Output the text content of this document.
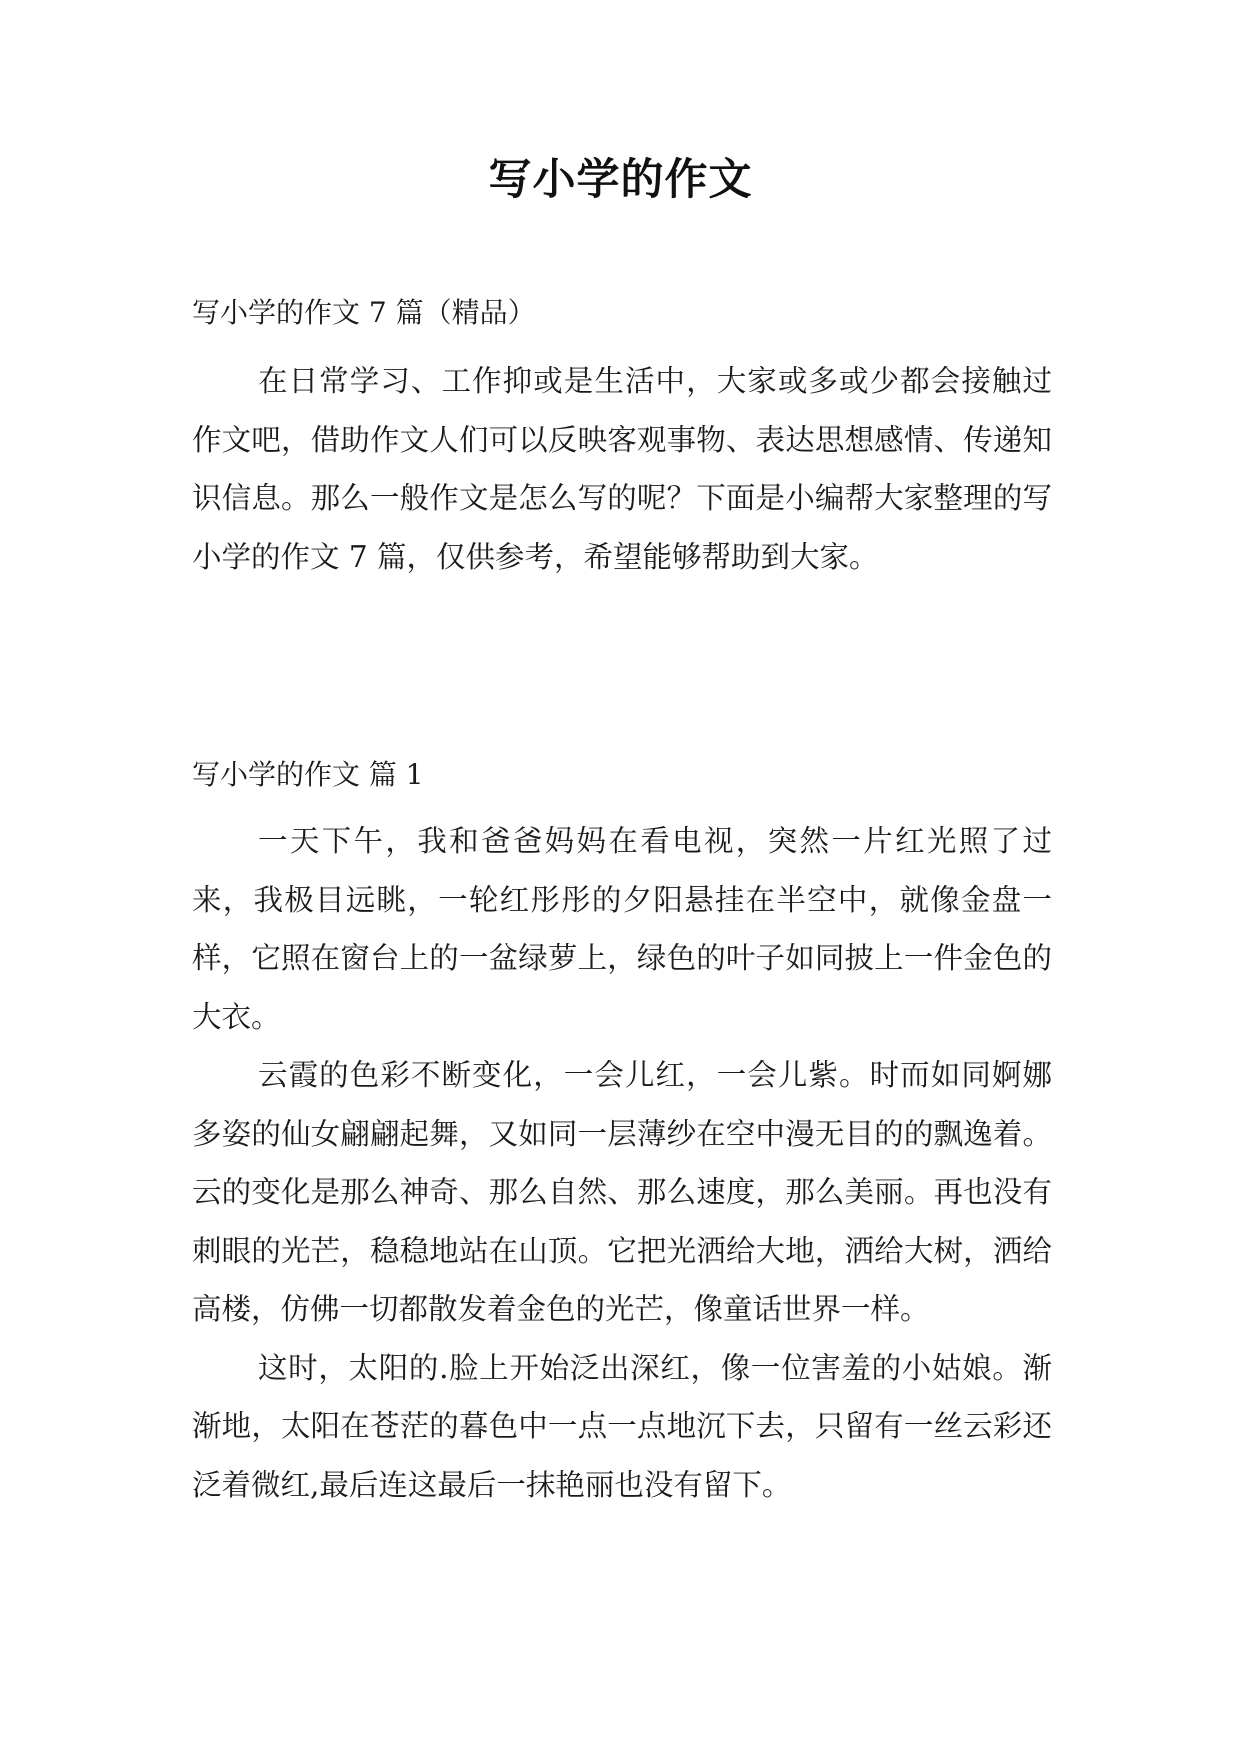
写小学的作文

写小学的作文 7 篇（精品）

在日常学习、工作抑或是生活中，大家或多或少都会接触过作文吧，借助作文人们可以反映客观事物、表达思想感情、传递知识信息。那么一般作文是怎么写的呢？下面是小编帮大家整理的写小学的作文 7 篇，仅供参考，希望能够帮助到大家。

写小学的作文 篇 1

一天下午，我和爸爸妈妈在看电视，突然一片红光照了过来，我极目远眺，一轮红彤彤的夕阳悬挂在半空中，就像金盘一样，它照在窗台上的一盆绿萝上，绿色的叶子如同披上一件金色的大衣。

云霞的色彩不断变化，一会儿红，一会儿紫。时而如同婀娜多姿的仙女翩翩起舞，又如同一层薄纱在空中漫无目的的飘逸着。云的变化是那么神奇、那么自然、那么速度，那么美丽。再也没有刺眼的光芒，稳稳地站在山顶。它把光洒给大地，洒给大树，洒给高楼，仿佛一切都散发着金色的光芒，像童话世界一样。

这时，太阳的.脸上开始泛出深红，像一位害羞的小姑娘。渐渐地，太阳在苍茫的暮色中一点一点地沉下去，只留有一丝云彩还泛着微红,最后连这最后一抹艳丽也没有留下。
